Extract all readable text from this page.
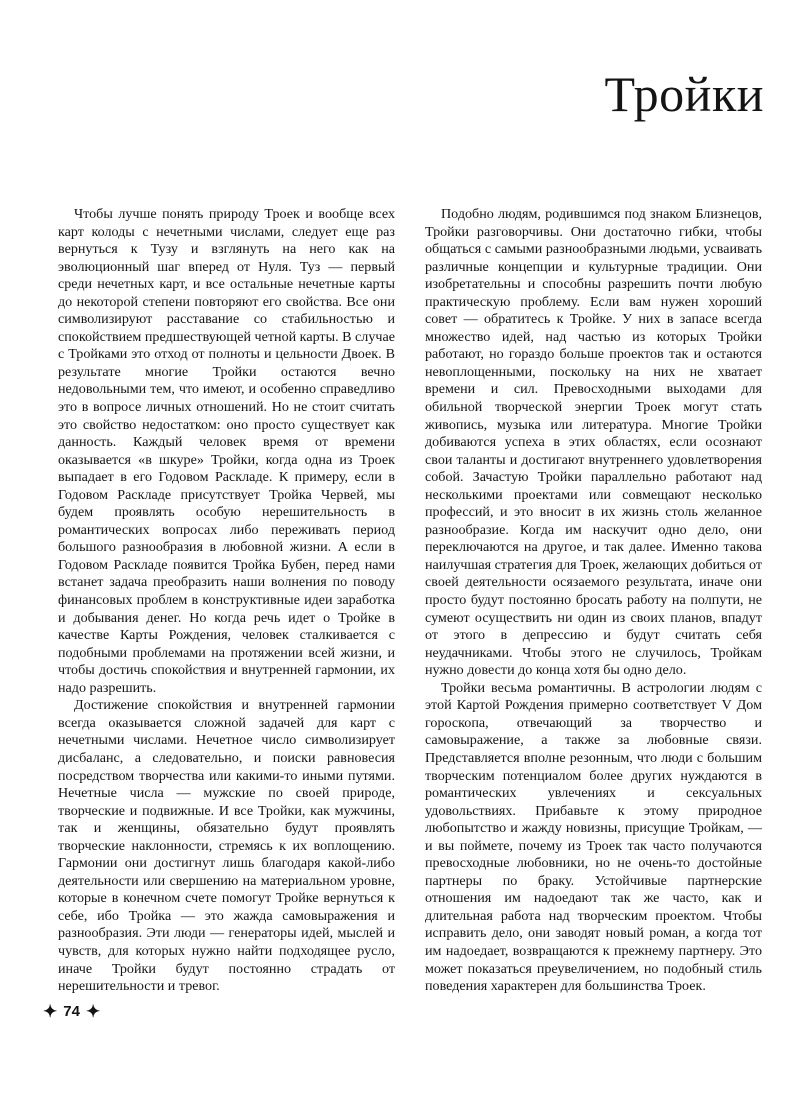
Тройки

Чтобы лучше понять природу Троек и вообще всех карт колоды с нечетными числами, следует еще раз вернуться к Тузу и взглянуть на него как на эволюционный шаг вперед от Нуля. Туз — первый среди нечетных карт, и все остальные нечетные карты до некоторой степени повторяют его свойства. Все они символизируют расставание со стабильностью и спокойствием предшествующей четной карты. В случае с Тройками это отход от полноты и цельности Двоек. В результате многие Тройки остаются вечно недовольными тем, что имеют, и особенно справедливо это в вопросе личных отношений. Но не стоит считать это свойство недостатком: оно просто существует как данность. Каждый человек время от времени оказывается «в шкуре» Тройки, когда одна из Троек выпадает в его Годовом Раскладе. К примеру, если в Годовом Раскладе присутствует Тройка Червей, мы будем проявлять особую нерешительность в романтических вопросах либо переживать период большого разнообразия в любовной жизни. А если в Годовом Раскладе появится Тройка Бубен, перед нами встанет задача преобразить наши волнения по поводу финансовых проблем в конструктивные идеи заработка и добывания денег. Но когда речь идет о Тройке в качестве Карты Рождения, человек сталкивается с подобными проблемами на протяжении всей жизни, и чтобы достичь спокойствия и внутренней гармонии, их надо разрешить.

Достижение спокойствия и внутренней гармонии всегда оказывается сложной задачей для карт с нечетными числами. Нечетное число символизирует дисбаланс, а следовательно, и поиски равновесия посредством творчества или какими-то иными путями. Нечетные числа — мужские по своей природе, творческие и подвижные. И все Тройки, как мужчины, так и женщины, обязательно будут проявлять творческие наклонности, стремясь к их воплощению. Гармонии они достигнут лишь благодаря какой-либо деятельности или свершению на материальном уровне, которые в конечном счете помогут Тройке вернуться к себе, ибо Тройка — это жажда самовыражения и разнообразия. Эти люди — генераторы идей, мыслей и чувств, для которых нужно найти подходящее русло, иначе Тройки будут постоянно страдать от нерешительности и тревог.

Подобно людям, родившимся под знаком Близнецов, Тройки разговорчивы. Они достаточно гибки, чтобы общаться с самыми разнообразными людьми, усваивать различные концепции и культурные традиции. Они изобретательны и способны разрешить почти любую практическую проблему. Если вам нужен хороший совет — обратитесь к Тройке. У них в запасе всегда множество идей, над частью из которых Тройки работают, но гораздо больше проектов так и остаются невоплощенными, поскольку на них не хватает времени и сил. Превосходными выходами для обильной творческой энергии Троек могут стать живопись, музыка или литература. Многие Тройки добиваются успеха в этих областях, если осознают свои таланты и достигают внутреннего удовлетворения собой. Зачастую Тройки параллельно работают над несколькими проектами или совмещают несколько профессий, и это вносит в их жизнь столь желанное разнообразие. Когда им наскучит одно дело, они переключаются на другое, и так далее. Именно такова наилучшая стратегия для Троек, желающих добиться от своей деятельности осязаемого результата, иначе они просто будут постоянно бросать работу на полпути, не сумеют осуществить ни один из своих планов, впадут от этого в депрессию и будут считать себя неудачниками. Чтобы этого не случилось, Тройкам нужно довести до конца хотя бы одно дело.

Тройки весьма романтичны. В астрологии людям с этой Картой Рождения примерно соответствует V Дом гороскопа, отвечающий за творчество и самовыражение, а также за любовные связи. Представляется вполне резонным, что люди с большим творческим потенциалом более других нуждаются в романтических увлечениях и сексуальных удовольствиях. Прибавьте к этому природное любопытство и жажду новизны, присущие Тройкам, — и вы поймете, почему из Троек так часто получаются превосходные любовники, но не очень-то достойные партнеры по браку. Устойчивые партнерские отношения им надоедают так же часто, как и длительная работа над творческим проектом. Чтобы исправить дело, они заводят новый роман, а когда тот им надоедает, возвращаются к прежнему партнеру. Это может показаться преувеличением, но подобный стиль поведения характерен для большинства Троек.

✦ 74 ✦
